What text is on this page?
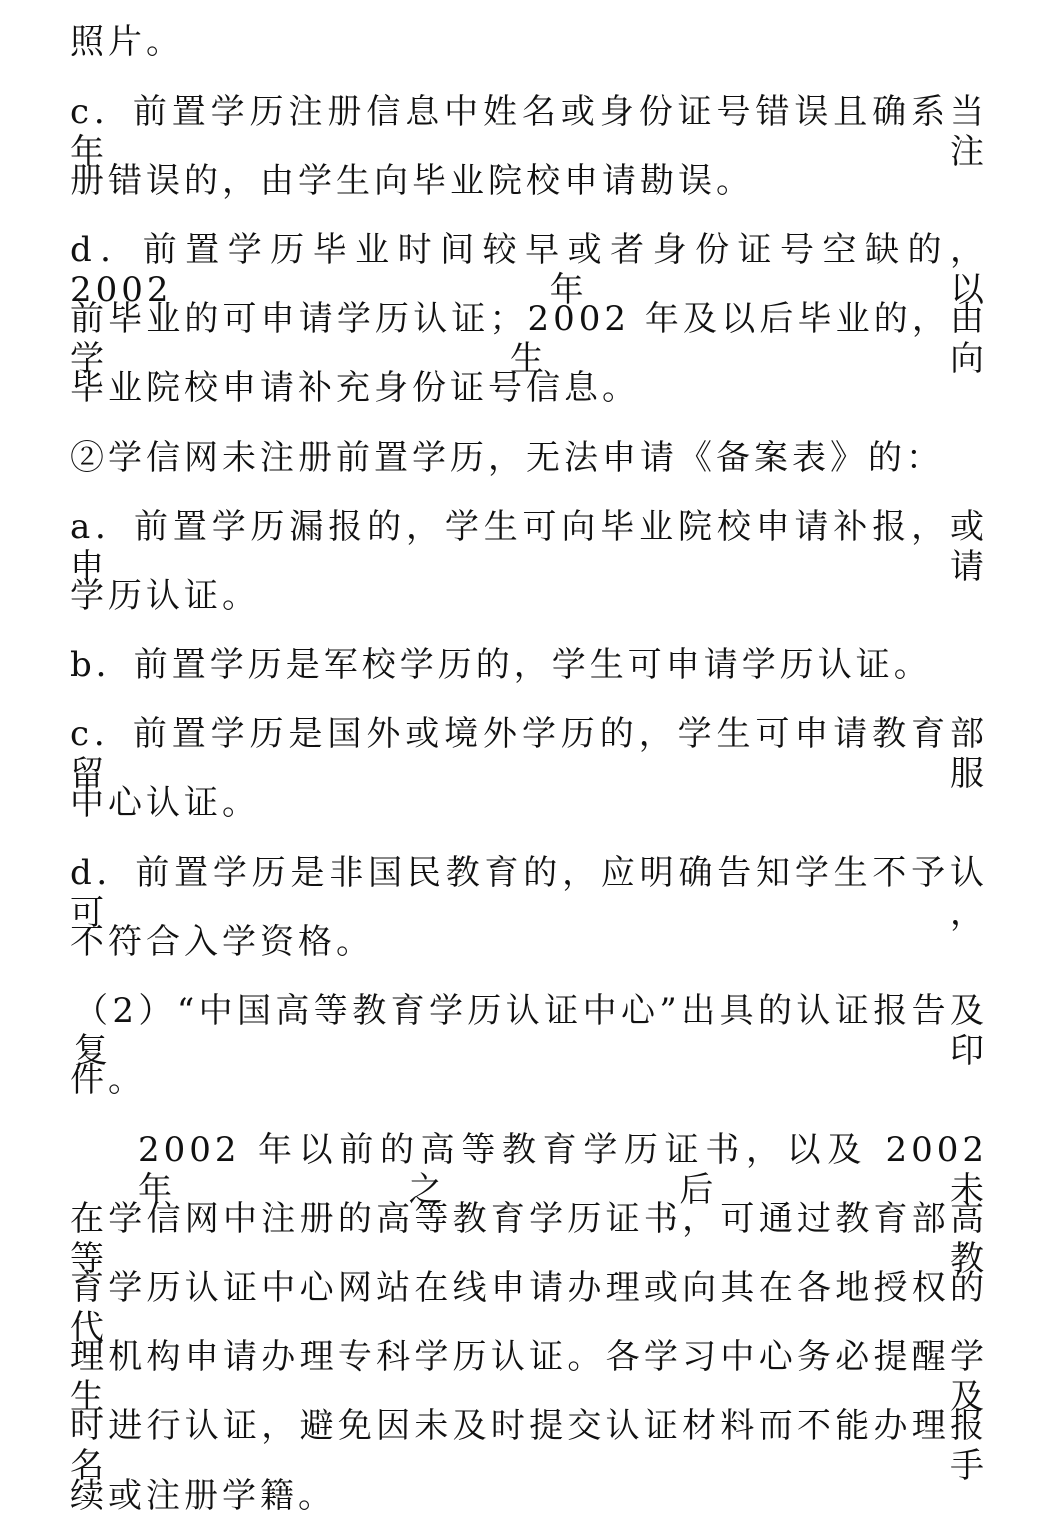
照片。
c．前置学历注册信息中姓名或身份证号错误且确系当年注
册错误的，由学生向毕业院校申请勘误。
d．前置学历毕业时间较早或者身份证号空缺的，2002 年以
前毕业的可申请学历认证；2002 年及以后毕业的，由学生向
毕业院校申请补充身份证号信息。
②学信网未注册前置学历，无法申请《备案表》的：
a．前置学历漏报的，学生可向毕业院校申请补报，或申请
学历认证。
b．前置学历是军校学历的，学生可申请学历认证。
c．前置学历是国外或境外学历的，学生可申请教育部留服
中心认证。
d．前置学历是非国民教育的，应明确告知学生不予认可，
不符合入学资格。
（2）“中国高等教育学历认证中心”出具的认证报告及复印
件。
2002 年以前的高等教育学历证书，以及 2002 年之后未
在学信网中注册的高等教育学历证书，可通过教育部高等教
育学历认证中心网站在线申请办理或向其在各地授权的代
理机构申请办理专科学历认证。各学习中心务必提醒学生及
时进行认证，避免因未及时提交认证材料而不能办理报名手
续或注册学籍。
